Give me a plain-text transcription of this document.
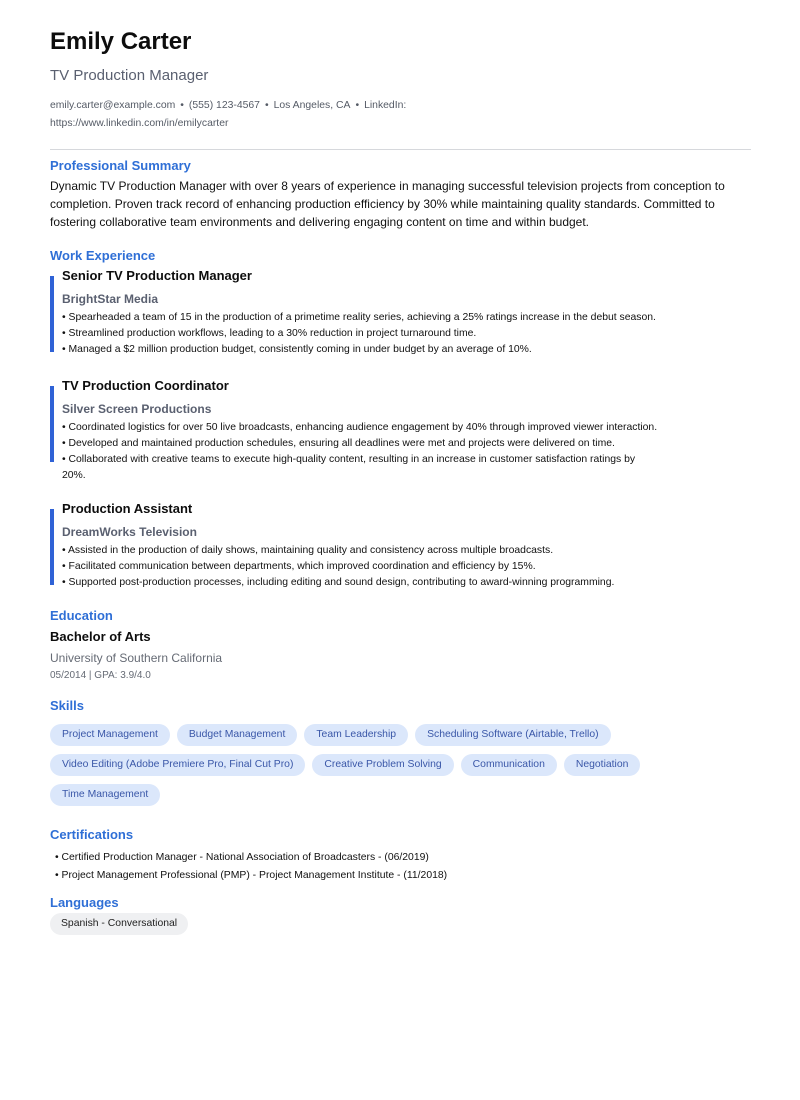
Emily Carter
TV Production Manager
emily.carter@example.com • (555) 123-4567 • Los Angeles, CA • LinkedIn:
https://www.linkedin.com/in/emilycarter
Professional Summary
Dynamic TV Production Manager with over 8 years of experience in managing successful television projects from conception to completion. Proven track record of enhancing production efficiency by 30% while maintaining quality standards. Committed to fostering collaborative team environments and delivering engaging content on time and within budget.
Work Experience
Senior TV Production Manager
BrightStar Media
• Spearheaded a team of 15 in the production of a primetime reality series, achieving a 25% ratings increase in the debut season.
• Streamlined production workflows, leading to a 30% reduction in project turnaround time.
• Managed a $2 million production budget, consistently coming in under budget by an average of 10%.
TV Production Coordinator
Silver Screen Productions
• Coordinated logistics for over 50 live broadcasts, enhancing audience engagement by 40% through improved viewer interaction.
• Developed and maintained production schedules, ensuring all deadlines were met and projects were delivered on time.
• Collaborated with creative teams to execute high-quality content, resulting in an increase in customer satisfaction ratings by 20%.
Production Assistant
DreamWorks Television
• Assisted in the production of daily shows, maintaining quality and consistency across multiple broadcasts.
• Facilitated communication between departments, which improved coordination and efficiency by 15%.
• Supported post-production processes, including editing and sound design, contributing to award-winning programming.
Education
Bachelor of Arts
University of Southern California
05/2014 | GPA: 3.9/4.0
Skills
Project Management	Budget Management	Team Leadership	Scheduling Software (Airtable, Trello)
Video Editing (Adobe Premiere Pro, Final Cut Pro)	Creative Problem Solving	Communication	Negotiation
Time Management
Certifications
• Certified Production Manager - National Association of Broadcasters - (06/2019)
• Project Management Professional (PMP) - Project Management Institute - (11/2018)
Languages
Spanish - Conversational
